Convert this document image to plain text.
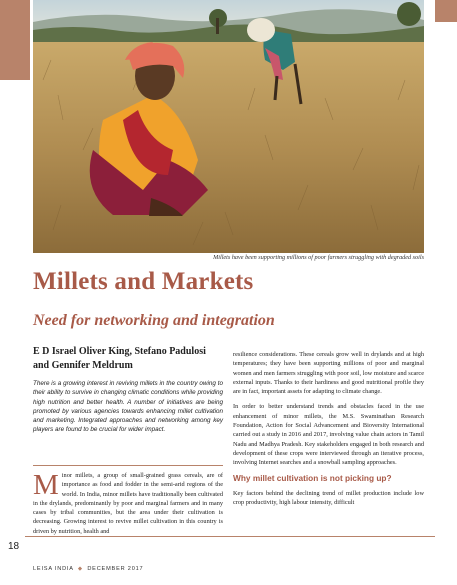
Millets have been supporting millions of poor farmers struggling with degraded soils
Millets and Markets
Need for networking and integration
E D Israel Oliver King, Stefano Padulosi
and Gennifer Meldrum

There is a growing interest in reviving millets in the country owing to their ability to survive in changing climatic conditions while providing high nutrition and better health. A number of initiatives are being promoted by various agencies towards enhancing millet cultivation and marketing. Integrated approaches and networking among key players are found to be crucial for wider impact.

M inor millets, a group of small-grained grass cereals, are of importance as food and fodder in the semi-arid regions of the world. In India, minor millets have traditionally been cultivated in the drylands, predominantly by poor and marginal farmers and in many cases by tribal communities, but the area under their cultivation is decreasing. Growing interest to revive millet cultivation in this country is driven by nutrition, health and

resilience considerations. These cereals grow well in drylands and at high temperatures; they have been supporting millions of poor and marginal women and men farmers struggling with poor soil, low moisture and scarce external inputs. Thanks to their hardiness and good nutritional profile they are in fact, important assets for adapting to climate change.

In order to better understand trends and obstacles faced in the use enhancement of minor millets, the M.S. Swaminathan Research Foundation, Action for Social Advancement and Bioversity International carried out a study in 2016 and 2017, involving value chain actors in Tamil Nadu and Madhya Pradesh. Key stakeholders engaged in both research and development of these crops were interviewed through an iterative process, involving Internet searches and a snowball sampling approaches.

Why millet cultivation is not picking up?

Key factors behind the declining trend of millet production include low crop productivity, high labour intensity, difficult

18
LEISA INDIA ◆ DECEMBER 2017
